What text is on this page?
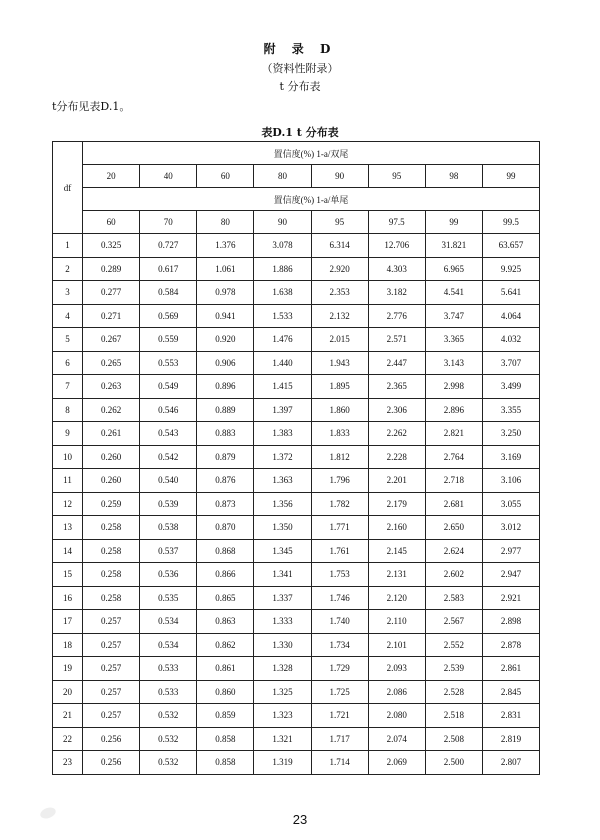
附 录 D
（资料性附录）
t 分布表
t分布见表D.1。
表D.1 t 分布表
df	置信度(%) 1-a/双尾							
	20	40	60	80	90	95	98	99
	置信度(%) 1-a/单尾							
	60	70	80	90	95	97.5	99	99.5
1	0.325	0.727	1.376	3.078	6.314	12.706	31.821	63.657
2	0.289	0.617	1.061	1.886	2.920	4.303	6.965	9.925
3	0.277	0.584	0.978	1.638	2.353	3.182	4.541	5.641
4	0.271	0.569	0.941	1.533	2.132	2.776	3.747	4.064
5	0.267	0.559	0.920	1.476	2.015	2.571	3.365	4.032
6	0.265	0.553	0.906	1.440	1.943	2.447	3.143	3.707
7	0.263	0.549	0.896	1.415	1.895	2.365	2.998	3.499
8	0.262	0.546	0.889	1.397	1.860	2.306	2.896	3.355
9	0.261	0.543	0.883	1.383	1.833	2.262	2.821	3.250
10	0.260	0.542	0.879	1.372	1.812	2.228	2.764	3.169
11	0.260	0.540	0.876	1.363	1.796	2.201	2.718	3.106
12	0.259	0.539	0.873	1.356	1.782	2.179	2.681	3.055
13	0.258	0.538	0.870	1.350	1.771	2.160	2.650	3.012
14	0.258	0.537	0.868	1.345	1.761	2.145	2.624	2.977
15	0.258	0.536	0.866	1.341	1.753	2.131	2.602	2.947
16	0.258	0.535	0.865	1.337	1.746	2.120	2.583	2.921
17	0.257	0.534	0.863	1.333	1.740	2.110	2.567	2.898
18	0.257	0.534	0.862	1.330	1.734	2.101	2.552	2.878
19	0.257	0.533	0.861	1.328	1.729	2.093	2.539	2.861
20	0.257	0.533	0.860	1.325	1.725	2.086	2.528	2.845
21	0.257	0.532	0.859	1.323	1.721	2.080	2.518	2.831
22	0.256	0.532	0.858	1.321	1.717	2.074	2.508	2.819
23	0.256	0.532	0.858	1.319	1.714	2.069	2.500	2.807
23
